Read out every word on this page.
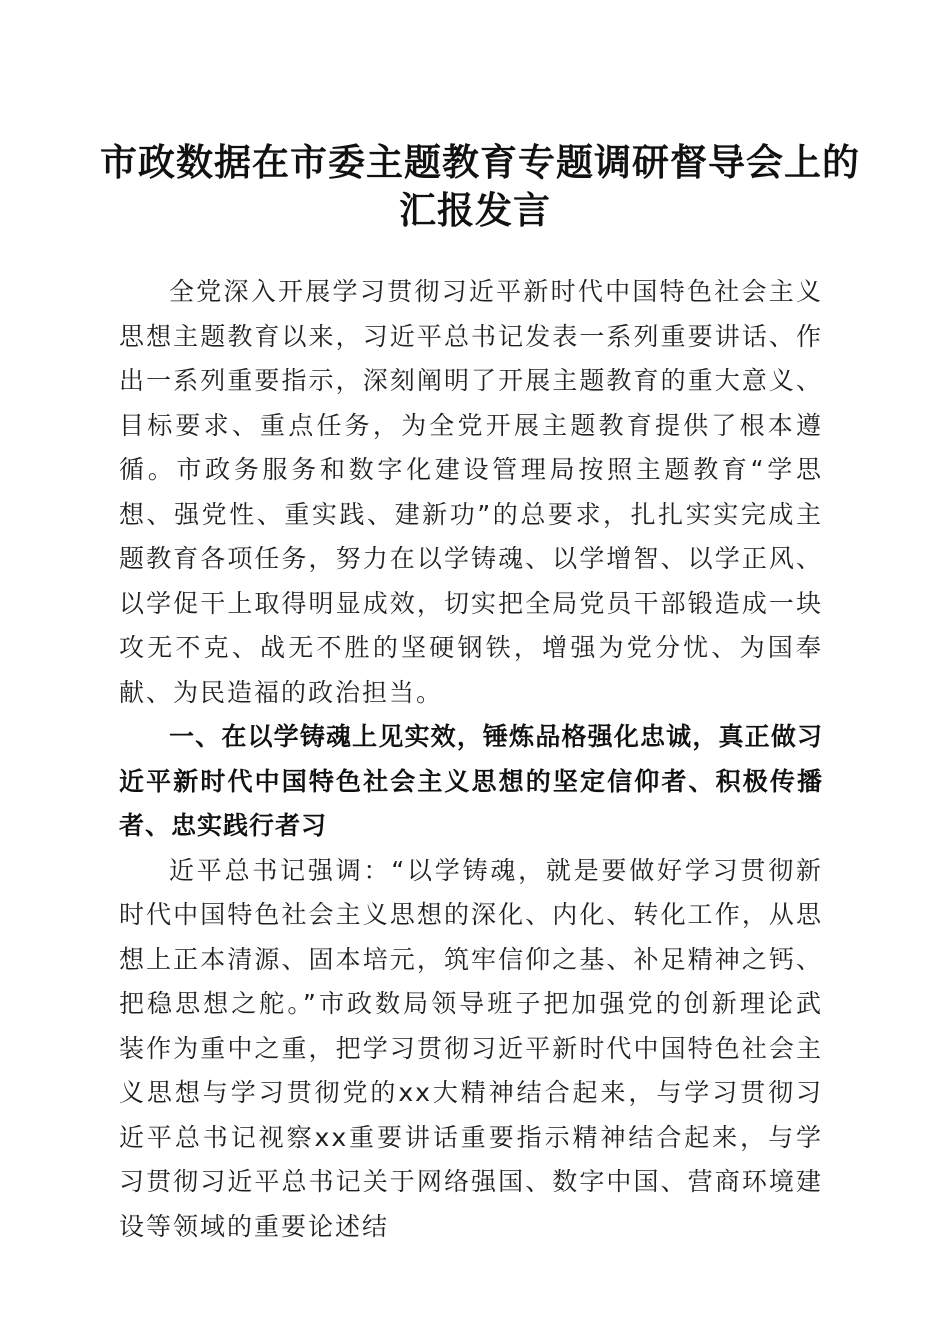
市政数据在市委主题教育专题调研督导会上的
汇报发言

全党深入开展学习贯彻习近平新时代中国特色社会主义思想主题教育以来，习近平总书记发表一系列重要讲话、作出一系列重要指示，深刻阐明了开展主题教育的重大意义、目标要求、重点任务，为全党开展主题教育提供了根本遵循。市政务服务和数字化建设管理局按照主题教育“学思想、强党性、重实践、建新功”的总要求，扎扎实实完成主题教育各项任务，努力在以学铸魂、以学增智、以学正风、以学促干上取得明显成效，切实把全局党员干部锻造成一块攻无不克、战无不胜的坚硬钢铁，增强为党分忧、为国奉献、为民造福的政治担当。

一、在以学铸魂上见实效，锤炼品格强化忠诚，真正做习近平新时代中国特色社会主义思想的坚定信仰者、积极传播者、忠实践行者习

近平总书记强调：“以学铸魂，就是要做好学习贯彻新时代中国特色社会主义思想的深化、内化、转化工作，从思想上正本清源、固本培元，筑牢信仰之基、补足精神之钙、把稳思想之舵。”市政数局领导班子把加强党的创新理论武装作为重中之重，把学习贯彻习近平新时代中国特色社会主义思想与学习贯彻党的xx大精神结合起来，与学习贯彻习近平总书记视察xx重要讲话重要指示精神结合起来，与学习贯彻习近平总书记关于网络强国、数字中国、营商环境建设等领域的重要论述结
